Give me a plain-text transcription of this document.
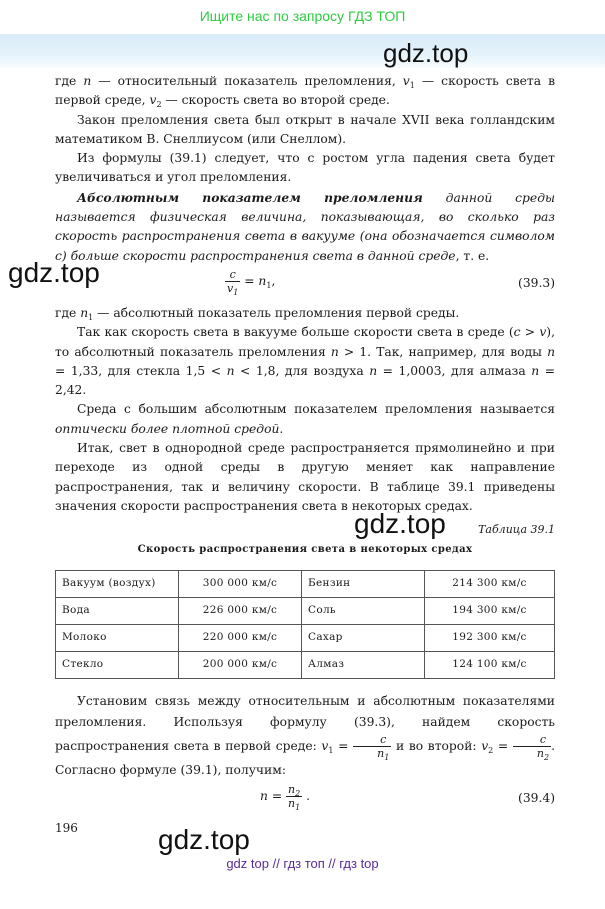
Ищите нас по запросу ГДЗ ТОП
gdz.top
gdz.top
gdz.top
gdz.top

где n — относительный показатель преломления, $v_1$ — скорость света в первой среде, $v_2$ — скорость света во второй среде.

Закон преломления света был открыт в начале XVII века голландским математиком В. Снеллиусом (или Снеллом).

Из формулы (39.1) следует, что с ростом угла падения света будет увеличиваться и угол преломления.

Абсолютным показателем преломления данной среды называется физическая величина, показывающая, во сколько раз скорость распространения света в вакууме (она обозначается символом c) больше скорости распространения света в данной среде, т. е.

$\frac{c}{v_1} = n_1$,	(39.3)

где $n_1$ — абсолютный показатель преломления первой среды.

Так как скорость света в вакууме больше скорости света в среде (c > v), то абсолютный показатель преломления n > 1. Так, например, для воды n = 1,33, для стекла 1,5 < n < 1,8, для воздуха n = 1,0003, для алмаза n = 2,42.

Среда с большим абсолютным показателем преломления называется оптически более плотной средой.

Итак, свет в однородной среде распространяется прямолинейно и при переходе из одной среды в другую меняет как направление распространения, так и величину скорости. В таблице 39.1 приведены значения скорости распространения света в некоторых средах.

Таблица 39.1

Скорость распространения света в некоторых средах

Вакуум (воздух)	300 000 км/с	Бензин	214 300 км/с
Вода	226 000 км/с	Соль	194 300 км/с
Молоко	220 000 км/с	Сахар	192 300 км/с
Стекло	200 000 км/с	Алмаз	124 100 км/с

Установим связь между относительным и абсолютным показателями преломления. Используя формулу (39.3), найдем скорость распространения света в первой среде: $v_1 = \frac{c}{n_1}$ и во второй: $v_2 = \frac{c}{n_2}$ . Согласно формуле (39.1), получим:

$n = \frac{n_2}{n_1}$ .	(39.4)
196
gdz top // гдз топ // гдз top
